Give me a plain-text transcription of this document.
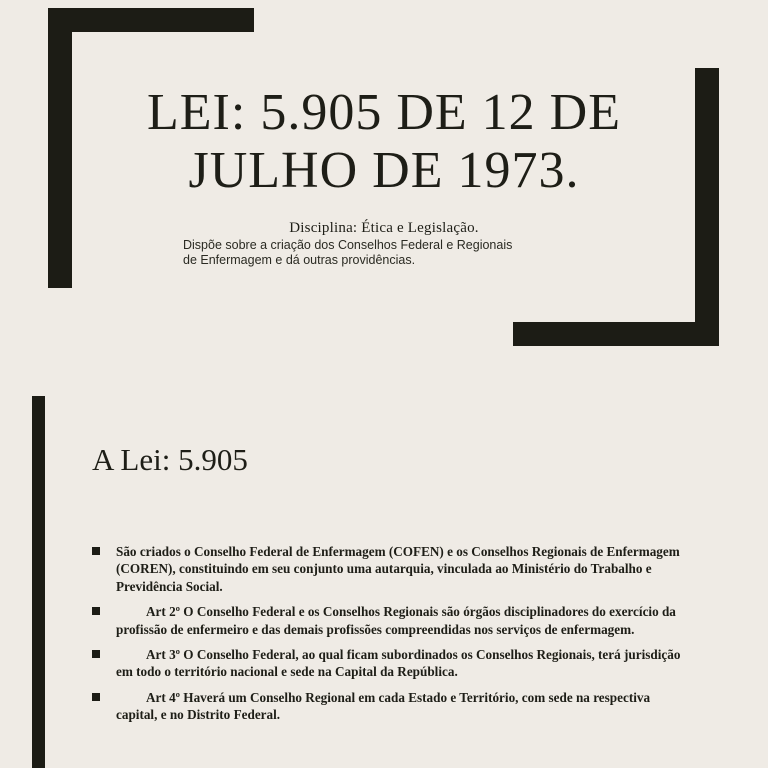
LEI: 5.905 DE 12 DE
JULHO DE 1973.
Disciplina: Ética e Legislação.
Dispõe sobre a criação dos Conselhos Federal e Regionais
de Enfermagem e dá outras providências.
A Lei: 5.905
São criados o Conselho Federal de Enfermagem (COFEN) e os Conselhos Regionais de Enfermagem (COREN), constituindo em seu conjunto uma autarquia, vinculada ao Ministério do Trabalho e Previdência Social.
Art 2º O Conselho Federal e os Conselhos Regionais são órgãos disciplinadores do exercício da profissão de enfermeiro e das demais profissões compreendidas nos serviços de enfermagem.
Art 3º O Conselho Federal, ao qual ficam subordinados os Conselhos Regionais, terá jurisdição em todo o território nacional e sede na Capital da República.
Art 4º Haverá um Conselho Regional em cada Estado e Território, com sede na respectiva capital, e no Distrito Federal.
